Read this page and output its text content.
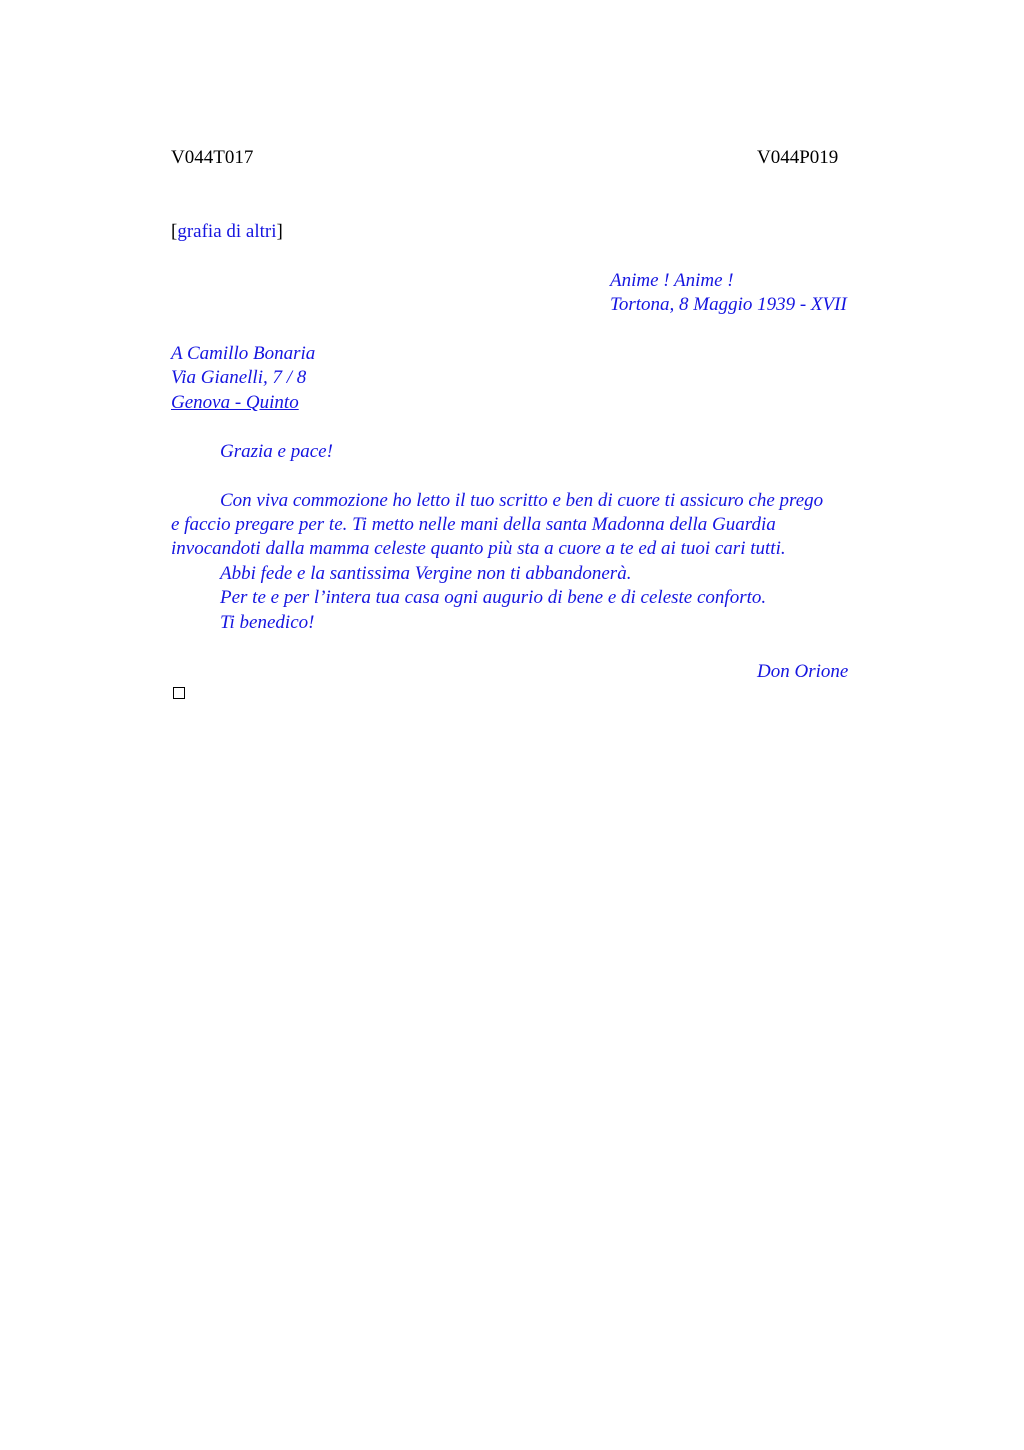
V044T017	V044P019
[grafia di altri]
Anime ! Anime !
Tortona, 8 Maggio 1939 - XVII
A Camillo Bonaria
Via Gianelli, 7 / 8
Genova - Quinto
Grazia e pace!
Con viva commozione ho letto il tuo scritto e ben di cuore ti assicuro che prego
e faccio pregare per te. Ti metto nelle mani della santa Madonna della Guardia
invocandoti dalla mamma celeste quanto più sta a cuore a te ed ai tuoi cari tutti.
Abbi fede e la santissima Vergine non ti abbandonerà.
Per te e per l’intera tua casa ogni augurio di bene e di celeste conforto.
Ti benedico!
Don Orione
